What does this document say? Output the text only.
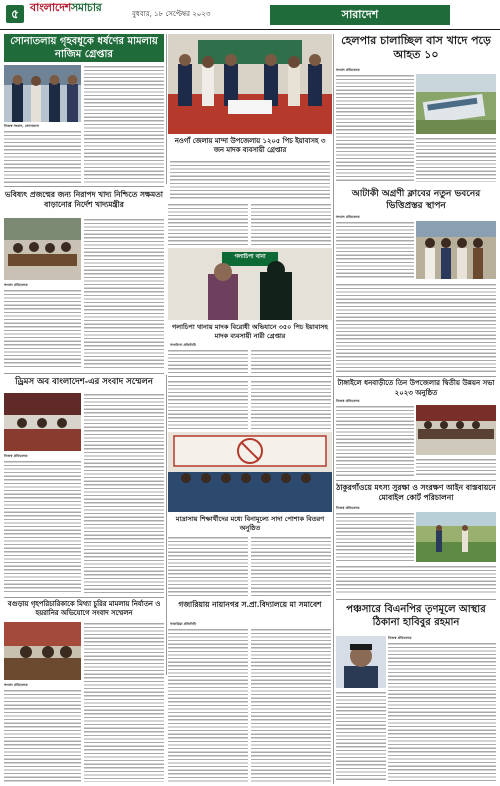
৫	বাংলাদেশসমাচার	বুধবার, ১৮ সেপ্টেম্বর ২০২৩	সারাদেশ
সোনাতলায় গৃহবধূকে ধর্ষণের মামলায় নাজিম গ্রেপ্তার
নিজস্ব সংবাদ, সোনাতলা
নওগাঁ জেলায় মান্দা উপজেলায় ১২০৫ পিচ ইয়াবাসহ ৩ জন মাদক ব্যবসায়ী গ্রেপ্তার
হেলপার চালাচ্ছিল বাস খাদে পড়ে আহত ১০
সংবাদ প্রতিবেদক
ভবিষ্যৎ প্রজন্মের জন্য নিরাপদ খাদ্য নিশ্চিতে সক্ষমতা বাড়ানোর নির্দেশ খাদ্যমন্ত্রীর
সংবাদ প্রতিবেদক
গলাচিপা থানা
গলাচিপা থানায় মাদক বিরোধী অভিযানে ৩৫০ পিচ ইয়াবাসহ মাদক ব্যবসায়ী নারী গ্রেপ্তার
গলাচিপা প্রতিনিধি
আটাকী অগ্রণী ক্লাবের নতুন ভবনের ভিত্তিপ্রস্তর স্থাপন
সংবাদ প্রতিবেদক
ড্রিমস অব বাংলাদেশ-এর সংবাদ সম্মেলন
নিজস্ব প্রতিবেদক
মাদ্রাসায় শিক্ষার্থীদের মধ্যে বিনামূল্যে সাদা পোশাক বিতরণ অনুষ্ঠিত
টাঙ্গাইলে ধনবাড়ীতে তিন উপজেলার দ্বিতীয় উন্নয়ন সভা ২০২৩ অনুষ্ঠিত
নিজস্ব প্রতিবেদক
ঠাকুরগাঁওয়ে মৎস্য সুরক্ষা ও সংরক্ষণ আইন বাস্তবায়নে মোবাইল কোর্ট পরিচালনা
নিজস্ব প্রতিবেদক
বগুড়ায় গৃহপরিচারিকাকে মিথ্যা চুরির মামলায় নির্যাতন ও হয়রানির অভিযোগে সংবাদ সম্মেলন
সংবাদ প্রতিবেদক
গজারিয়ায় নায়ানগর স.প্রা.বিদ্যালয়ে মা সমাবেশ
গজারিয়া প্রতিনিধি
পঞ্চসারে বিএনপির তৃণমূলে আস্থার ঠিকানা হাবিবুর রহমান
নিজস্ব প্রতিবেদক
